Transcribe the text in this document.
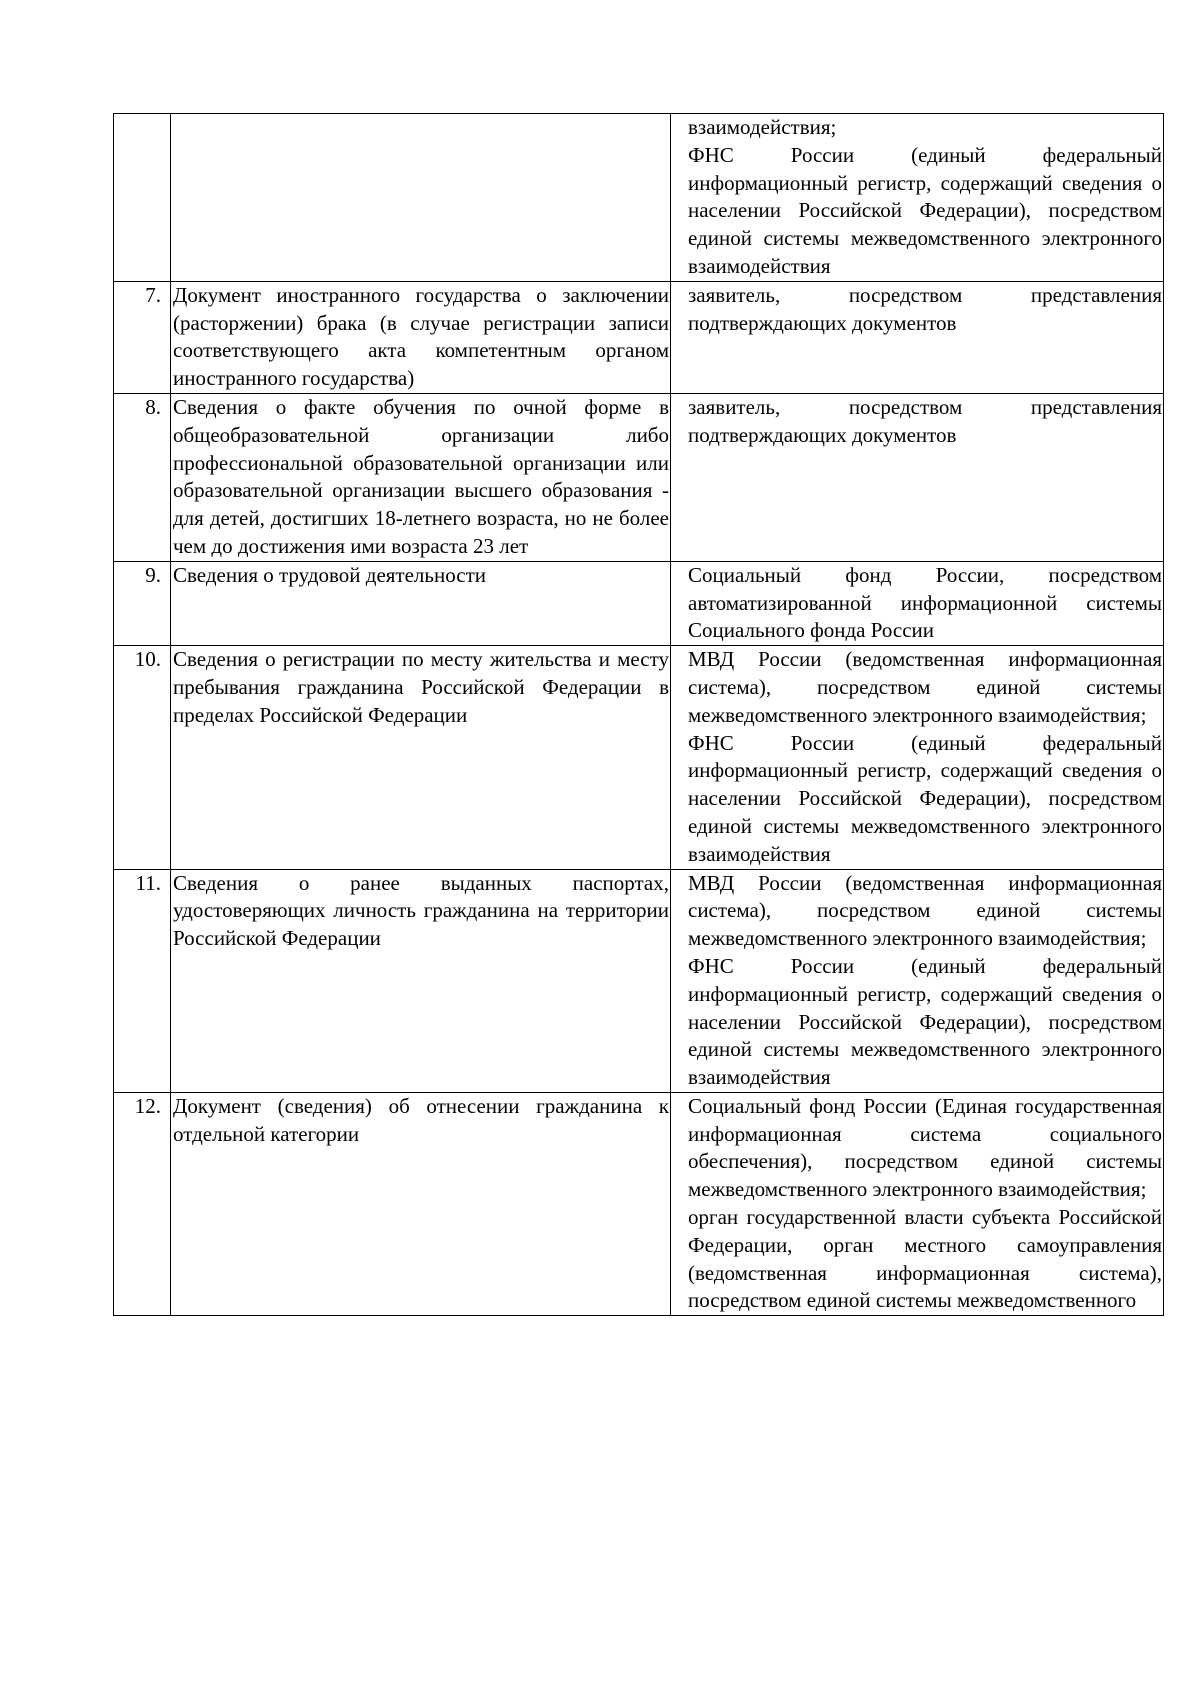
		взаимодействия;
ФНС России (единый федеральный информационный регистр, содержащий сведения о населении Российской Федерации), посредством единой системы межведомственного электронного взаимодействия

7.	Документ иностранного государства о заключении (расторжении) брака (в случае регистрации записи соответствующего акта компетентным органом иностранного государства)	заявитель, посредством представления подтверждающих документов

8.	Сведения о факте обучения по очной форме в общеобразовательной организации либо профессиональной образовательной организации или образовательной организации высшего образования - для детей, достигших 18-летнего возраста, но не более чем до достижения ими возраста 23 лет	заявитель, посредством представления подтверждающих документов

9.	Сведения о трудовой деятельности	Социальный фонд России, посредством автоматизированной информационной системы Социального фонда России

10.	Сведения о регистрации по месту жительства и месту пребывания гражданина Российской Федерации в пределах Российской Федерации	МВД России (ведомственная информационная система), посредством единой системы межведомственного электронного взаимодействия;
ФНС России (единый федеральный информационный регистр, содержащий сведения о населении Российской Федерации), посредством единой системы межведомственного электронного взаимодействия

11.	Сведения о ранее выданных паспортах, удостоверяющих личность гражданина на территории Российской Федерации	МВД России (ведомственная информационная система), посредством единой системы межведомственного электронного взаимодействия;
ФНС России (единый федеральный информационный регистр, содержащий сведения о населении Российской Федерации), посредством единой системы межведомственного электронного взаимодействия

12.	Документ (сведения) об отнесении гражданина к отдельной категории	Социальный фонд России (Единая государственная информационная система социального обеспечения), посредством единой системы межведомственного электронного взаимодействия;
орган государственной власти субъекта Российской Федерации, орган местного самоуправления (ведомственная информационная система), посредством единой системы межведомственного
